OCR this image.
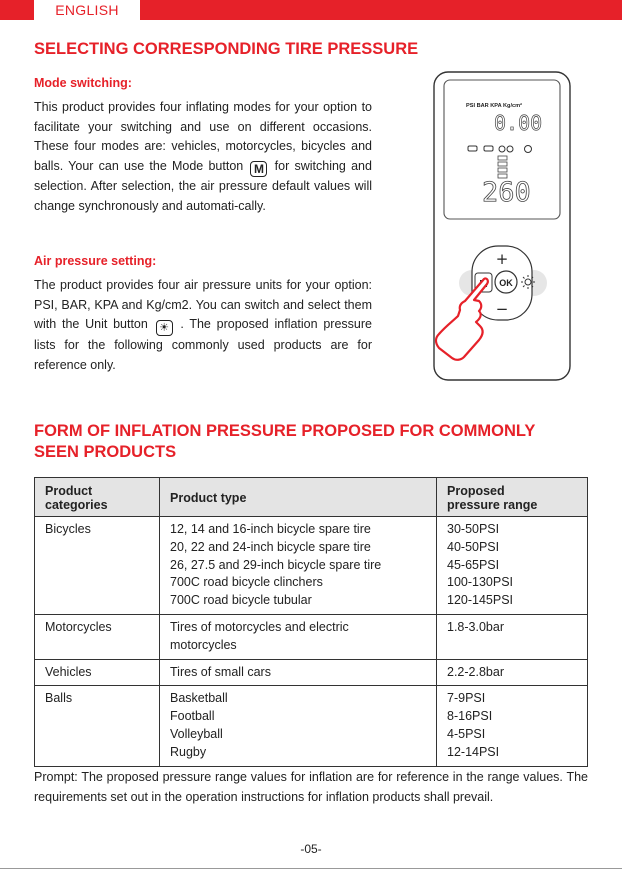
ENGLISH
SELECTING CORRESPONDING TIRE PRESSURE
Mode switching:

This product provides four inflating modes for your option to facilitate your switching and use on different occasions. These four modes are: vehicles, motorcycles, bicycles and balls. Your can use the Mode button M for switching and selection. After selection, the air pressure default values will change synchronously and automati-cally.

Air pressure setting:

The product provides four air pressure units for your option: PSI, BAR, KPA and Kg/cm2. You can switch and select them with the Unit button ☀ . The proposed inflation pressure lists for the following commonly used products are for reference only.

PSI BAR KPA Kg/cm²
0.00
260
+
−
OK
FORM OF INFLATION PRESSURE PROPOSED FOR COMMONLY
SEEN PRODUCTS
Product
categories	Product type	Proposed
pressure range
Bicycles	12, 14 and 16-inch bicycle spare tire
20, 22 and 24-inch bicycle spare tire
26, 27.5 and 29-inch bicycle spare tire
700C road bicycle clinchers
700C road bicycle tubular	30-50PSI
40-50PSI
45-65PSI
100-130PSI
120-145PSI
Motorcycles	Tires of motorcycles and electric
motorcycles	1.8-3.0bar
Vehicles	Tires of small cars	2.2-2.8bar
Balls	Basketball
Football
Volleyball
Rugby	7-9PSI
8-16PSI
4-5PSI
12-14PSI

Prompt: The proposed pressure range values for inflation are for reference in the range values. The requirements set out in the operation instructions for inflation products shall prevail.

-05-
